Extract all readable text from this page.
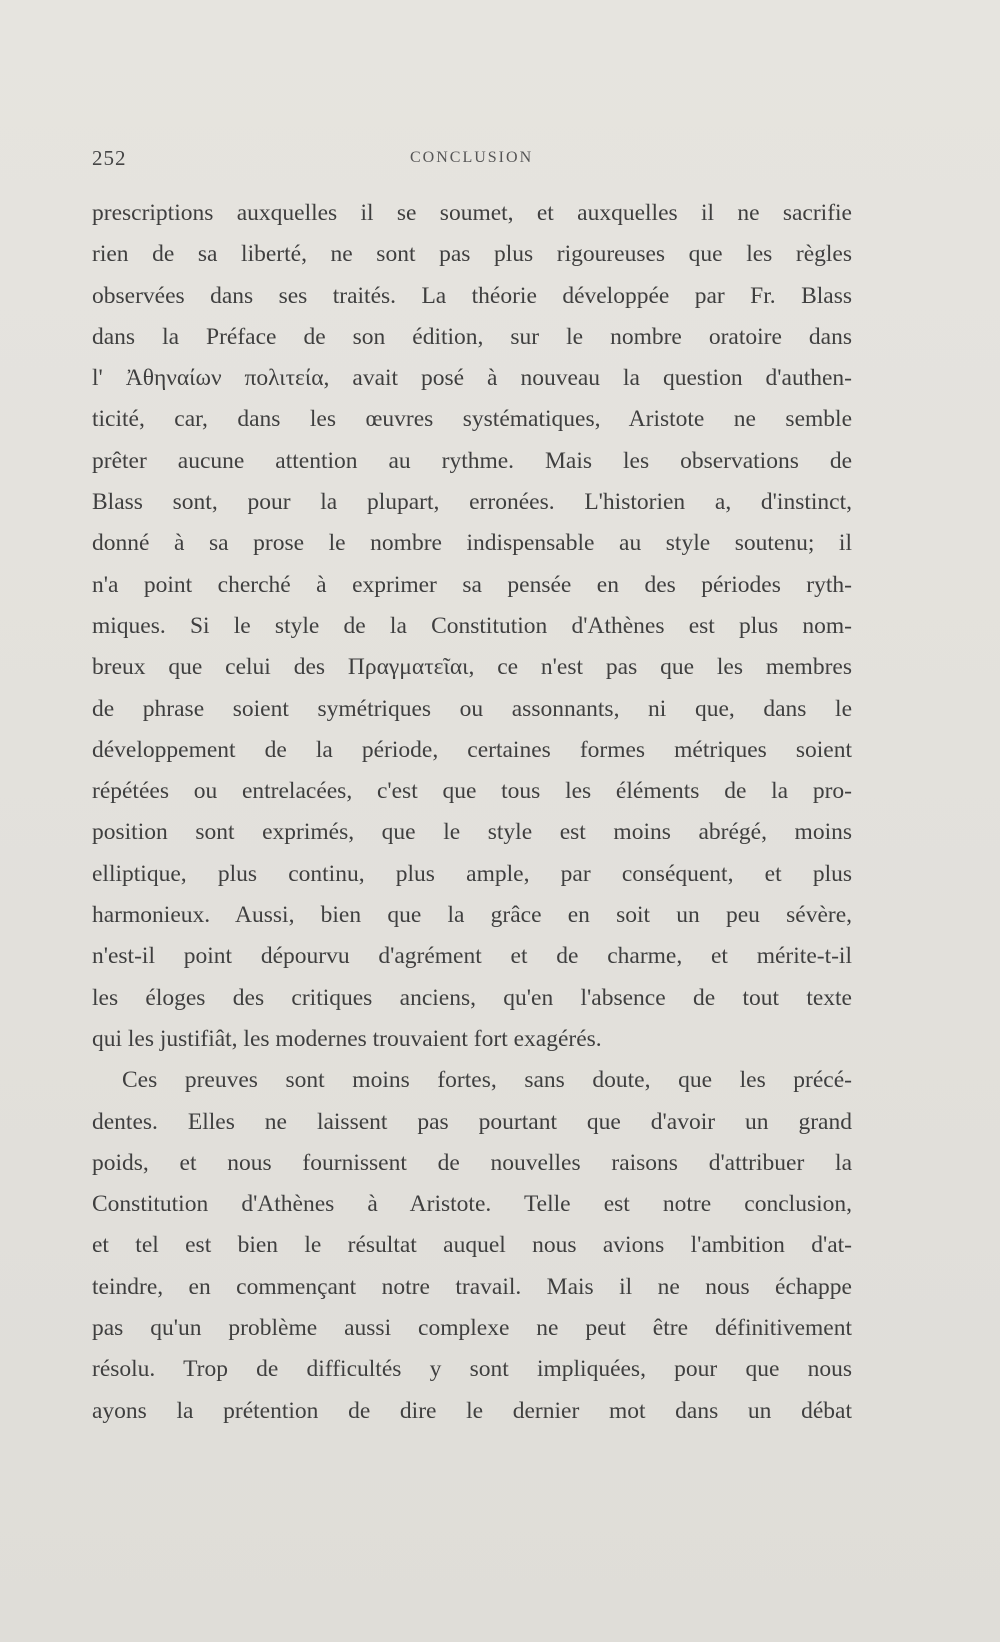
252	CONCLUSION
prescriptions auxquelles il se soumet, et auxquelles il ne sacrifie
rien de sa liberté, ne sont pas plus rigoureuses que les règles
observées dans ses traités. La théorie développée par Fr. Blass
dans la Préface de son édition, sur le nombre oratoire dans
l' Ἀθηναίων πολιτεία, avait posé à nouveau la question d'authen-
ticité, car, dans les œuvres systématiques, Aristote ne semble
prêter aucune attention au rythme. Mais les observations de
Blass sont, pour la plupart, erronées. L'historien a, d'instinct,
donné à sa prose le nombre indispensable au style soutenu; il
n'a point cherché à exprimer sa pensée en des périodes ryth-
miques. Si le style de la Constitution d'Athènes est plus nom-
breux que celui des Πραγματεῖαι, ce n'est pas que les membres
de phrase soient symétriques ou assonnants, ni que, dans le
développement de la période, certaines formes métriques soient
répétées ou entrelacées, c'est que tous les éléments de la pro-
position sont exprimés, que le style est moins abrégé, moins
elliptique, plus continu, plus ample, par conséquent, et plus
harmonieux. Aussi, bien que la grâce en soit un peu sévère,
n'est-il point dépourvu d'agrément et de charme, et mérite-t-il
les éloges des critiques anciens, qu'en l'absence de tout texte
qui les justifiât, les modernes trouvaient fort exagérés.
Ces preuves sont moins fortes, sans doute, que les précé-
dentes. Elles ne laissent pas pourtant que d'avoir un grand
poids, et nous fournissent de nouvelles raisons d'attribuer la
Constitution d'Athènes à Aristote. Telle est notre conclusion,
et tel est bien le résultat auquel nous avions l'ambition d'at-
teindre, en commençant notre travail. Mais il ne nous échappe
pas qu'un problème aussi complexe ne peut être définitivement
résolu. Trop de difficultés y sont impliquées, pour que nous
ayons la prétention de dire le dernier mot dans un débat
